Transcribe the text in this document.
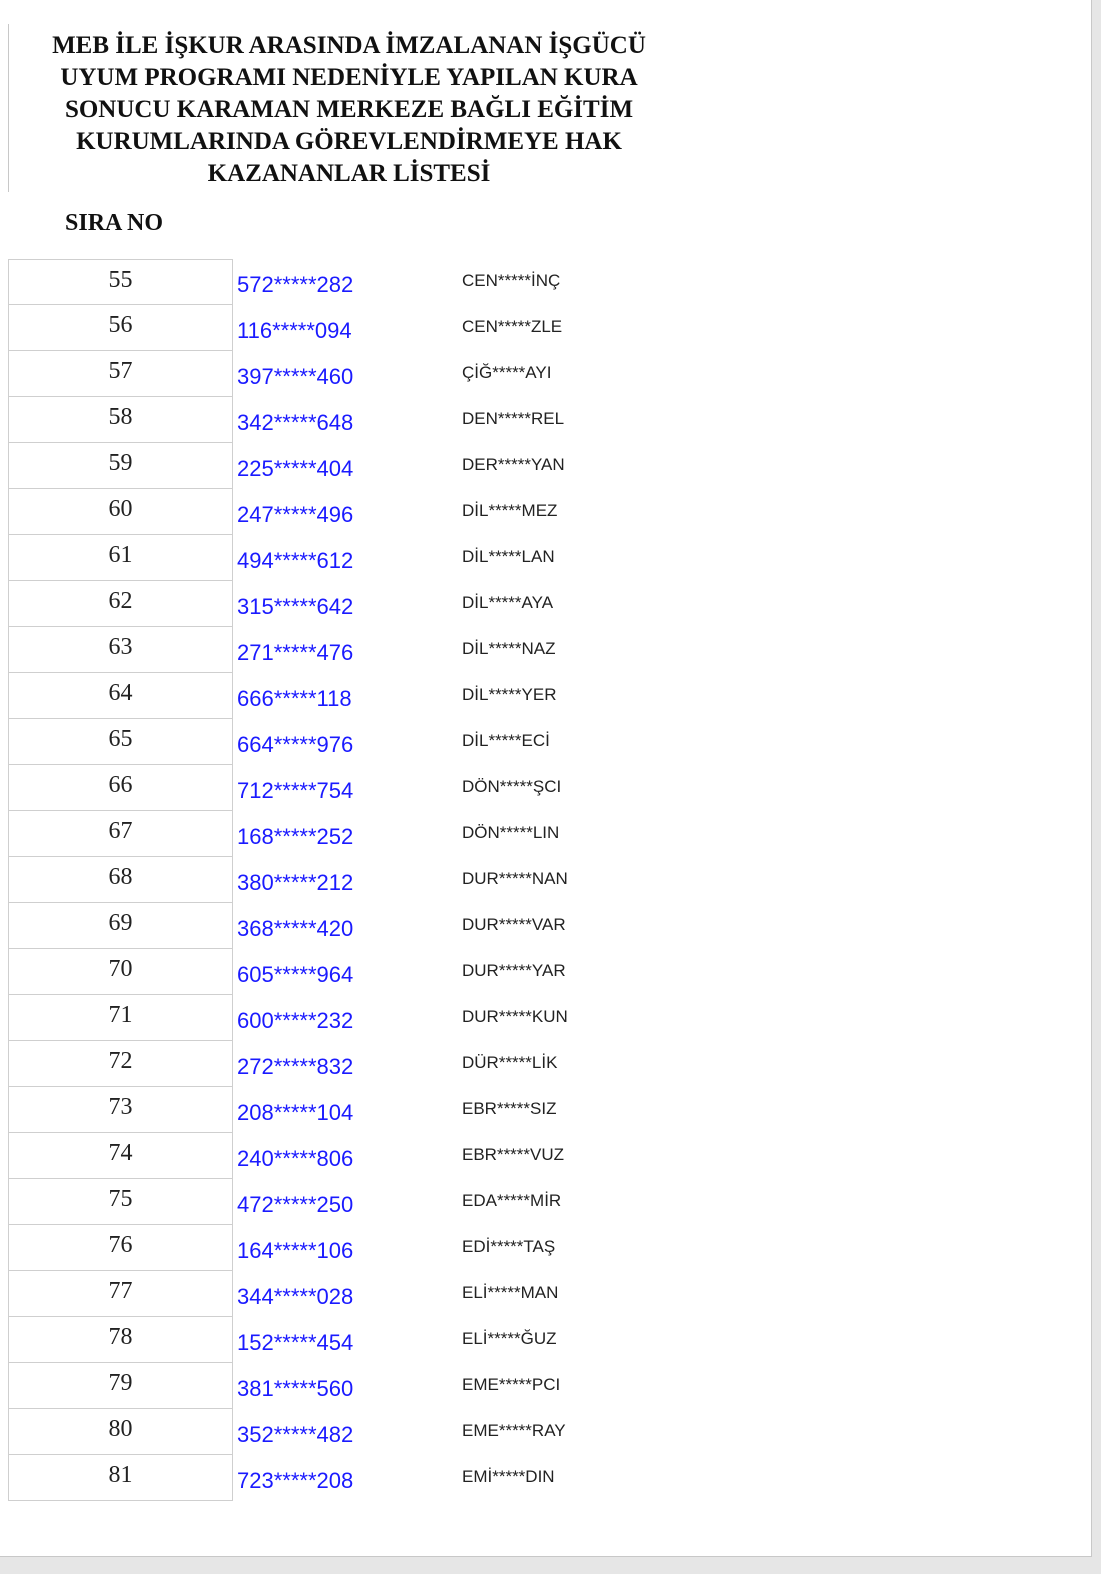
MEB İLE İŞKUR ARASINDA İMZALANAN İŞGÜCÜ UYUM PROGRAMI NEDENİYLE YAPILAN KURA SONUCU KARAMAN MERKEZE BAĞLI EĞİTİM KURUMLARINDA GÖREVLENDİRMEYE HAK KAZANANLAR LİSTESİ
SIRA NO
55	572*****282	CEN*****İNÇ
56	116*****094	CEN*****ZLE
57	397*****460	ÇİĞ*****AYI
58	342*****648	DEN*****REL
59	225*****404	DER*****YAN
60	247*****496	DİL*****MEZ
61	494*****612	DİL*****LAN
62	315*****642	DİL*****AYA
63	271*****476	DİL*****NAZ
64	666*****118	DİL*****YER
65	664*****976	DİL*****ECİ
66	712*****754	DÖN*****ŞCI
67	168*****252	DÖN*****LIN
68	380*****212	DUR*****NAN
69	368*****420	DUR*****VAR
70	605*****964	DUR*****YAR
71	600*****232	DUR*****KUN
72	272*****832	DÜR*****LİK
73	208*****104	EBR*****SIZ
74	240*****806	EBR*****VUZ
75	472*****250	EDA*****MİR
76	164*****106	EDİ*****TAŞ
77	344*****028	ELİ*****MAN
78	152*****454	ELİ*****ĞUZ
79	381*****560	EME*****PCI
80	352*****482	EME*****RAY
81	723*****208	EMİ*****DIN
